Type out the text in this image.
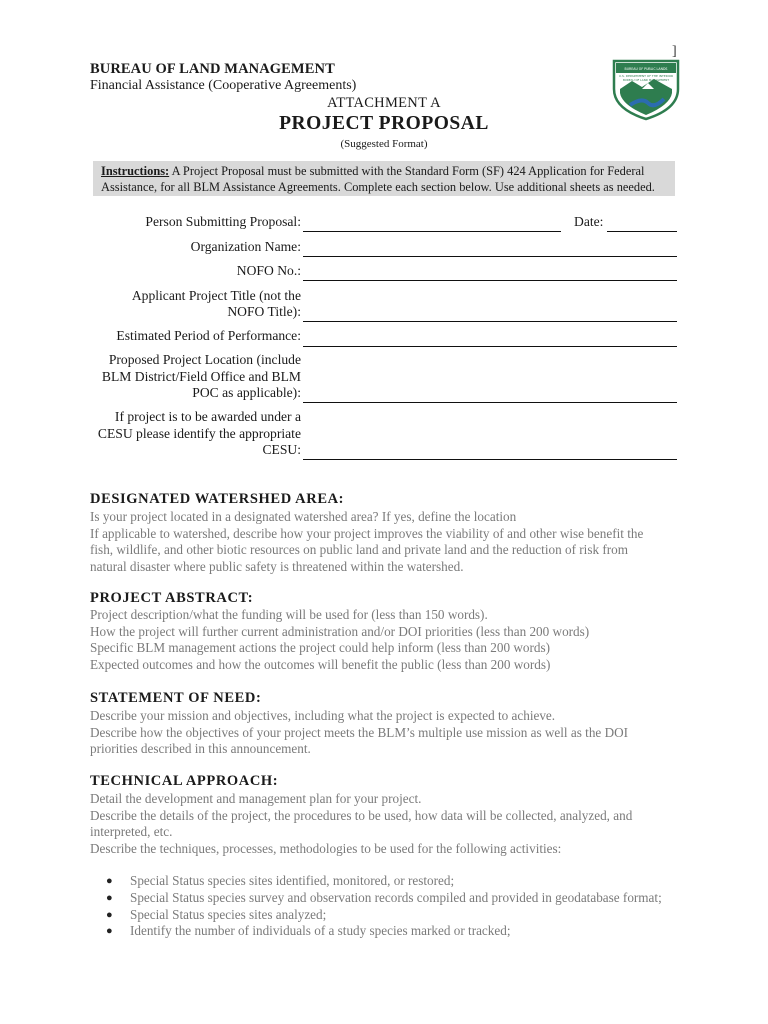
]
BUREAU OF LAND MANAGEMENT
Financial Assistance (Cooperative Agreements)
BUREAU OF PUBLIC LANDS
U.S. DEPARTMENT OF THE INTERIOR
BUREAU OF LAND MANAGEMENT
ATTACHMENT A
PROJECT PROPOSAL
(Suggested Format)
Instructions: A Project Proposal must be submitted with the Standard Form (SF) 424 Application for Federal Assistance, for all BLM Assistance Agreements. Complete each section below. Use additional sheets as needed.
Person Submitting Proposal:	Date:
Organization Name:
NOFO No.:
Applicant Project Title (not the
NOFO Title):
Estimated Period of Performance:
Proposed Project Location (include
BLM District/Field Office and BLM
POC as applicable):
If project is to be awarded under a
CESU please identify the appropriate
CESU:
DESIGNATED WATERSHED AREA:
Is your project located in a designated watershed area? If yes, define the location
If applicable to watershed, describe how your project improves the viability of and other wise benefit the
fish, wildlife, and other biotic resources on public land and private land and the reduction of risk from
natural disaster where public safety is threatened within the watershed.
PROJECT ABSTRACT:
Project description/what the funding will be used for (less than 150 words).
How the project will further current administration and/or DOI priorities (less than 200 words)
Specific BLM management actions the project could help inform (less than 200 words)
Expected outcomes and how the outcomes will benefit the public (less than 200 words)
STATEMENT OF NEED:
Describe your mission and objectives, including what the project is expected to achieve.
Describe how the objectives of your project meets the BLM’s multiple use mission as well as the DOI
priorities described in this announcement.
TECHNICAL APPROACH:
Detail the development and management plan for your project.
Describe the details of the project, the procedures to be used, how data will be collected, analyzed, and
interpreted, etc.
Describe the techniques, processes, methodologies to be used for the following activities:
● Special Status species sites identified, monitored, or restored;
● Special Status species survey and observation records compiled and provided in geodatabase format;
● Special Status species sites analyzed;
● Identify the number of individuals of a study species marked or tracked;
